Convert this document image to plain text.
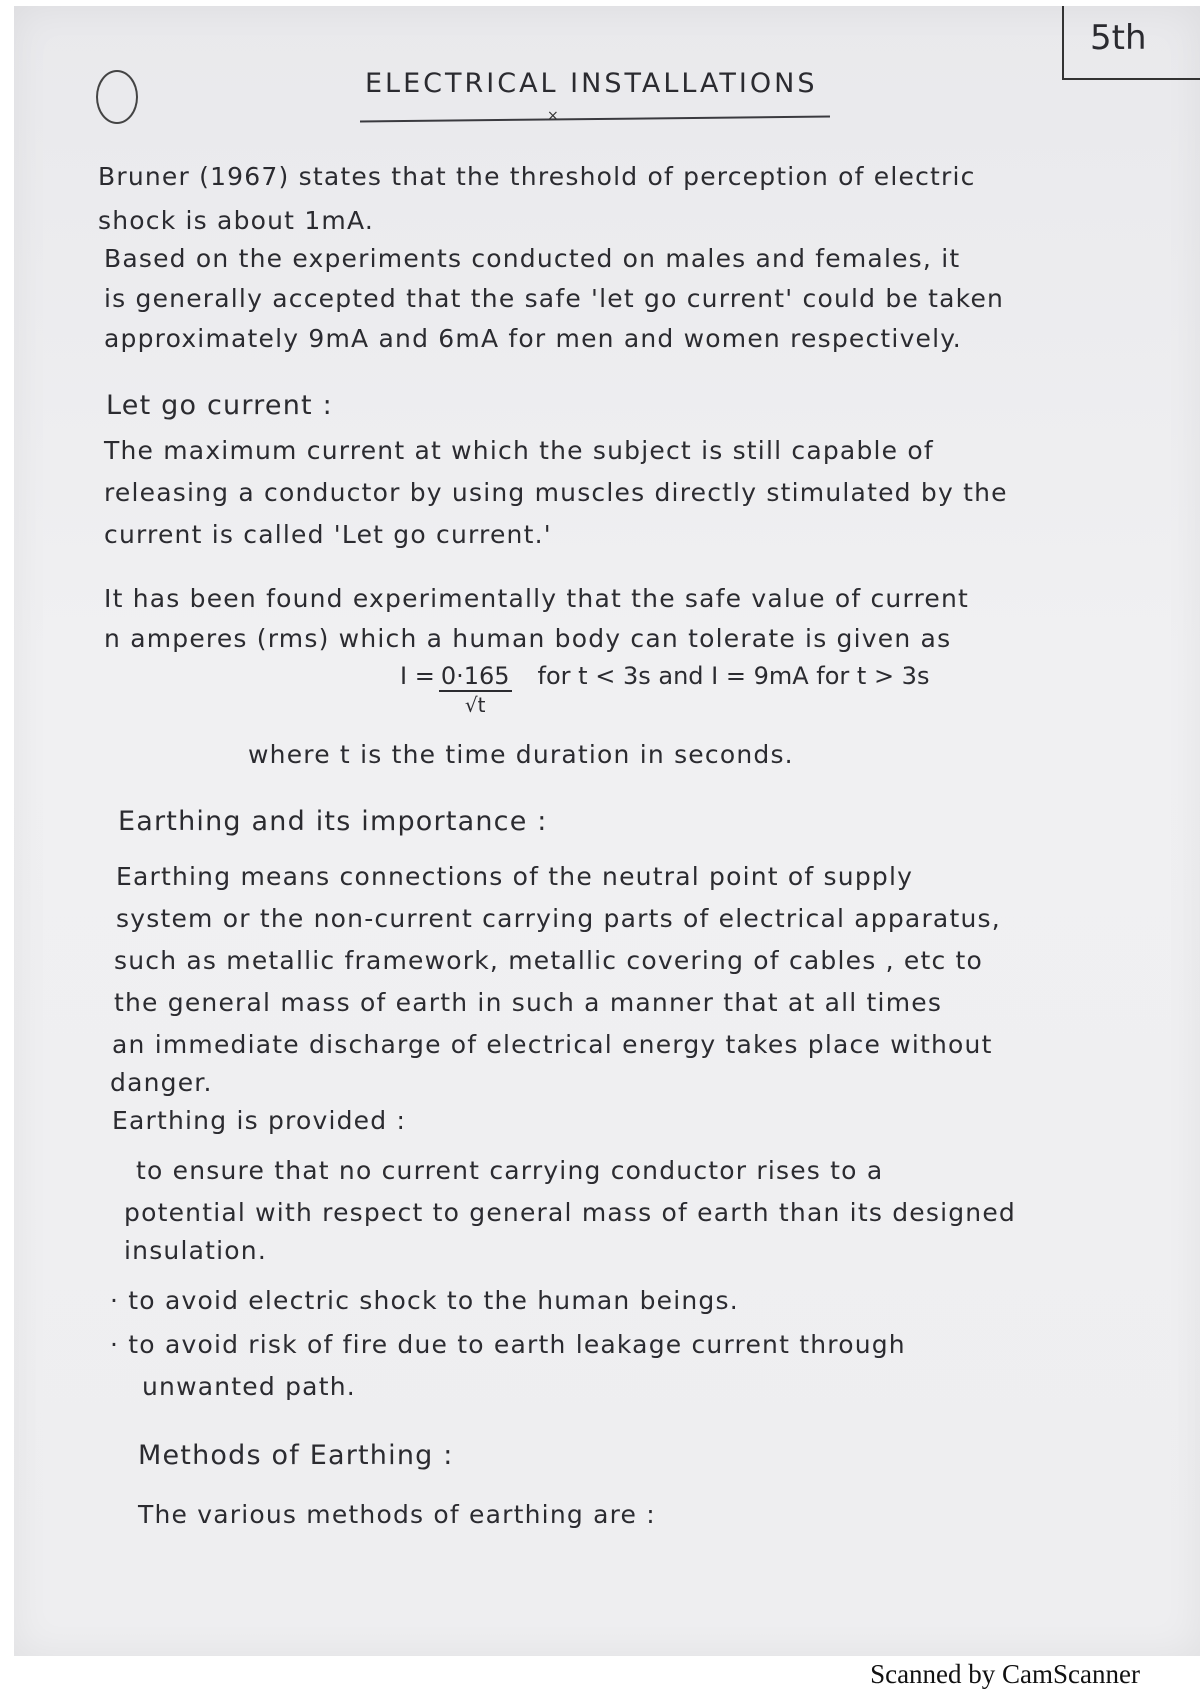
5th
ELECTRICAL INSTALLATIONS
×
Bruner (1967) states that the threshold of perception of electric
shock is about 1mA.
Based on the experiments conducted on males and females, it
is generally accepted that the safe 'let go current' could be taken
approximately 9mA and 6mA for men and women respectively.
Let go current :
The maximum current at which the subject is still capable of
releasing a conductor by using muscles directly stimulated by the
current is called 'Let go current.'
It has been found experimentally that the safe value of current
n amperes (rms) which a human body can tolerate is given as
$I = \frac{0\cdot 165}{√t}$ for t < 3s and I = 9mA for t > 3s
where t is the time duration in seconds.
Earthing and its importance :
Earthing means connections of the neutral point of supply
system or the non-current carrying parts of electrical apparatus,
such as metallic framework, metallic covering of cables , etc to
the general mass of earth in such a manner that at all times
an immediate discharge of electrical energy takes place without
danger.
Earthing is provided :
to ensure that no current carrying conductor rises to a
potential with respect to general mass of earth than its designed
insulation.
· to avoid electric shock to the human beings.
· to avoid risk of fire due to earth leakage current through
unwanted path.
Methods of Earthing :
The various methods of earthing are :
Scanned by CamScanner
